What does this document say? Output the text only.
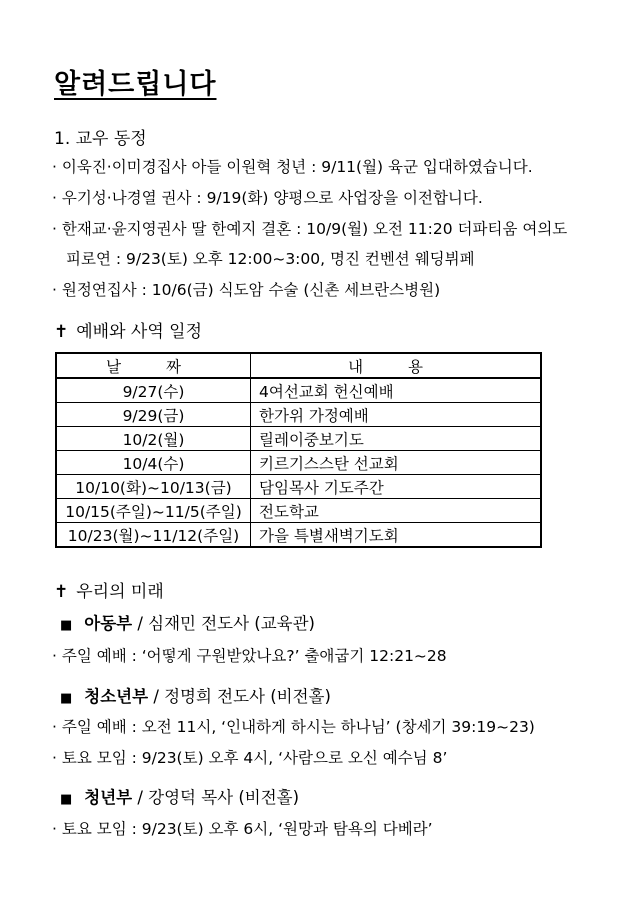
알려드립니다
1. 교우 동정
· 이욱진·이미경집사 아들 이원혁 청년 : 9/11(월) 육군 입대하였습니다.
· 우기성·나경열 권사 : 9/19(화) 양평으로 사업장을 이전합니다.
· 한재교·윤지영권사 딸 한예지 결혼 : 10/9(월) 오전 11:20 더파티움 여의도
피로연 : 9/23(토) 오후 12:00~3:00, 명진 컨벤션 웨딩뷔페
· 원정연집사 : 10/6(금) 식도암 수술 (신촌 세브란스병원)
✝ 예배와 사역 일정
날 짜	내 용
9/27(수)	4여선교회 헌신예배
9/29(금)	한가위 가정예배
10/2(월)	릴레이중보기도
10/4(수)	키르기스스탄 선교회
10/10(화)~10/13(금)	담임목사 기도주간
10/15(주일)~11/5(주일)	전도학교
10/23(월)~11/12(주일)	가을 특별새벽기도회
✝ 우리의 미래
■ 아동부 / 심재민 전도사 (교육관)
· 주일 예배 : ‘어떻게 구원받았나요?’ 출애굽기 12:21~28
■ 청소년부 / 정명희 전도사 (비전홀)
· 주일 예배 : 오전 11시, ‘인내하게 하시는 하나님’ (창세기 39:19~23)
· 토요 모임 : 9/23(토) 오후 4시, ‘사람으로 오신 예수님 8’
■ 청년부 / 강영덕 목사 (비전홀)
· 토요 모임 : 9/23(토) 오후 6시, ‘원망과 탐욕의 다베라’
